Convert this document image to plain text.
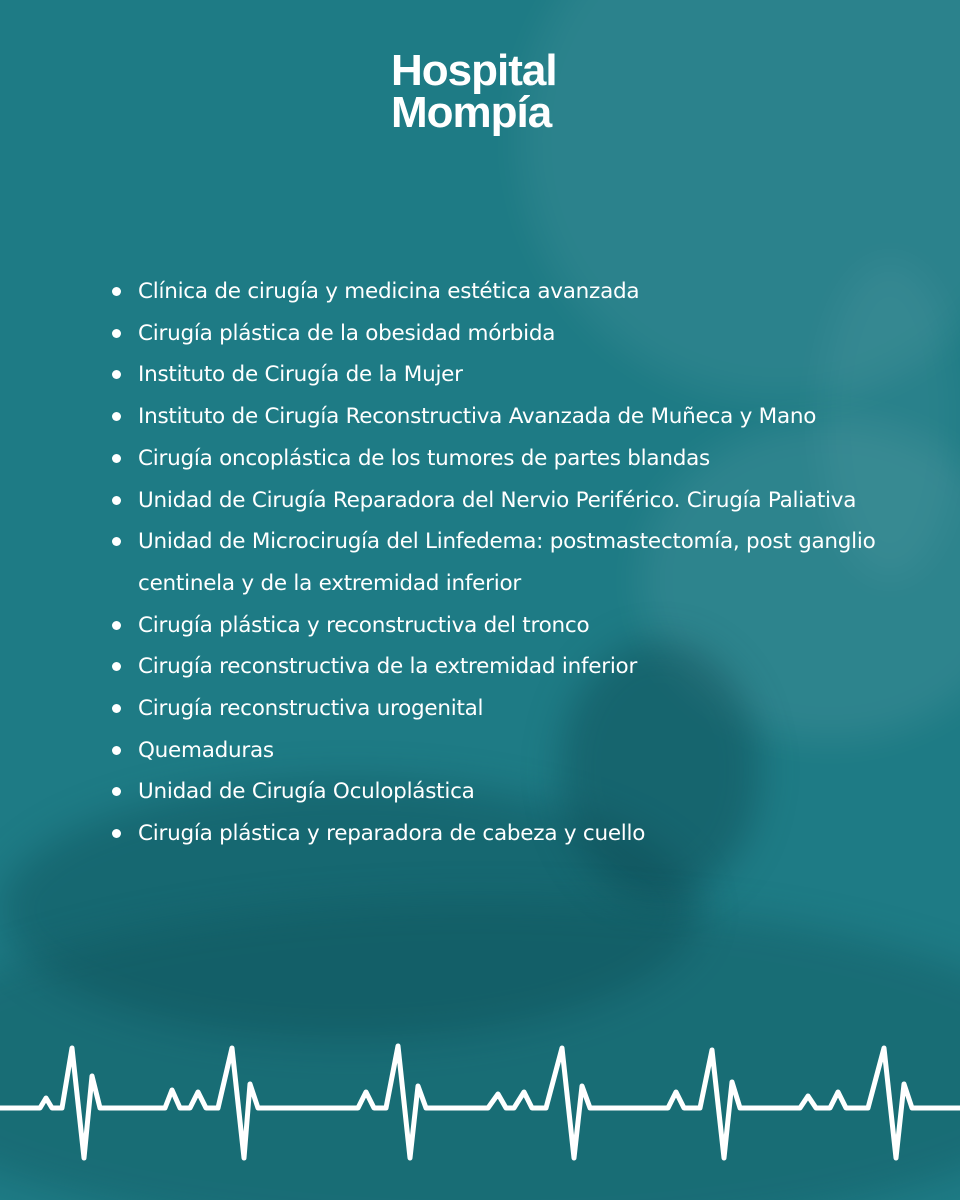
Hospital
Mompía
Clínica de cirugía y medicina estética avanzada
Cirugía plástica de la obesidad mórbida
Instituto de Cirugía de la Mujer
Instituto de Cirugía Reconstructiva Avanzada de Muñeca y Mano
Cirugía oncoplástica de los tumores de partes blandas
Unidad de Cirugía Reparadora del Nervio Periférico. Cirugía Paliativa
Unidad de Microcirugía del Linfedema: postmastectomía, post ganglio centinela y de la extremidad inferior
Cirugía plástica y reconstructiva del tronco
Cirugía reconstructiva de la extremidad inferior
Cirugía reconstructiva urogenital
Quemaduras
Unidad de Cirugía Oculoplástica
Cirugía plástica y reparadora de cabeza y cuello
